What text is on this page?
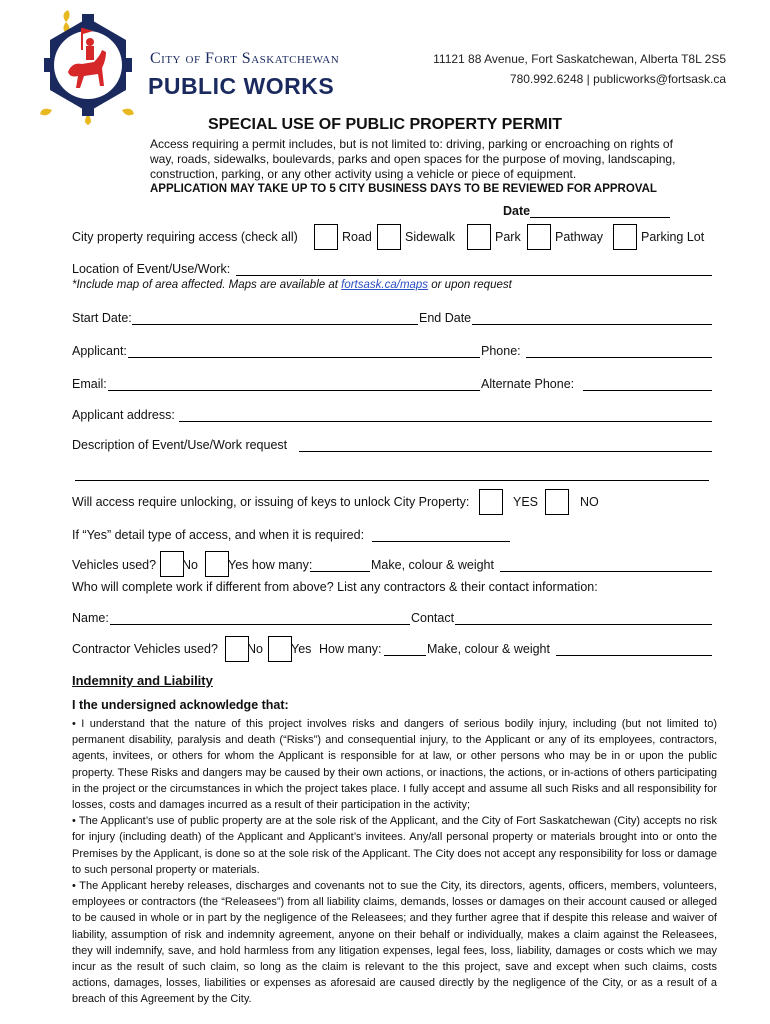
City of Fort Saskatchewan
PUBLIC WORKS
11121 88 Avenue, Fort Saskatchewan, Alberta T8L 2S5
780.992.6248 | publicworks@fortsask.ca
SPECIAL USE OF PUBLIC PROPERTY PERMIT
Access requiring a permit includes, but is not limited to: driving, parking or encroaching on rights of way, roads, sidewalks, boulevards, parks and open spaces for the purpose of moving, landscaping, construction, parking, or any other activity using a vehicle or piece of equipment.
APPLICATION MAY TAKE UP TO 5 CITY BUSINESS DAYS TO BE REVIEWED FOR APPROVAL
Date
City property requiring access (check all)	Road	Sidewalk	Park	Pathway	Parking Lot
Location of Event/Use/Work:
*Include map of area affected. Maps are available at fortsask.ca/maps or upon request
Start Date:	End Date
Applicant:	Phone:
Email:	Alternate Phone:
Applicant address:
Description of Event/Use/Work request
Will access require unlocking, or issuing of keys to unlock City Property:	YES	NO
If “Yes” detail type of access, and when it is required:
Vehicles used? No Yes how many:	Make, colour & weight
Who will complete work if different from above? List any contractors & their contact information:
Name:	Contact
Contractor Vehicles used? No Yes How many:	Make, colour & weight
Indemnity and Liability
I the undersigned acknowledge that:

• I understand that the nature of this project involves risks and dangers of serious bodily injury, including (but not limited to) permanent disability, paralysis and death (“Risks”) and consequential injury, to the Applicant or any of its employees, contractors, agents, invitees, or others for whom the Applicant is responsible for at law, or other persons who may be in or upon the public property. These Risks and dangers may be caused by their own actions, or inactions, the actions, or in-actions of others participating in the project or the circumstances in which the project takes place. I fully accept and assume all such Risks and all responsibility for losses, costs and damages incurred as a result of their participation in the activity;

• The Applicant’s use of public property are at the sole risk of the Applicant, and the City of Fort Saskatchewan (City) accepts no risk for injury (including death) of the Applicant and Applicant’s invitees. Any/all personal property or materials brought into or onto the Premises by the Applicant, is done so at the sole risk of the Applicant. The City does not accept any responsibility for loss or damage to such personal property or materials.

• The Applicant hereby releases, discharges and covenants not to sue the City, its directors, agents, officers, members, volunteers, employees or contractors (the “Releasees”) from all liability claims, demands, losses or damages on their account caused or alleged to be caused in whole or in part by the negligence of the Releasees; and they further agree that if despite this release and waiver of liability, assumption of risk and indemnity agreement, anyone on their behalf or individually, makes a claim against the Releasees, they will indemnify, save, and hold harmless from any litigation expenses, legal fees, loss, liability, damages or costs which we may incur as the result of such claim, so long as the claim is relevant to the this project, save and except when such claims, costs actions, damages, losses, liabilities or expenses as aforesaid are caused directly by the negligence of the City, or as a result of a breach of this Agreement by the City.
